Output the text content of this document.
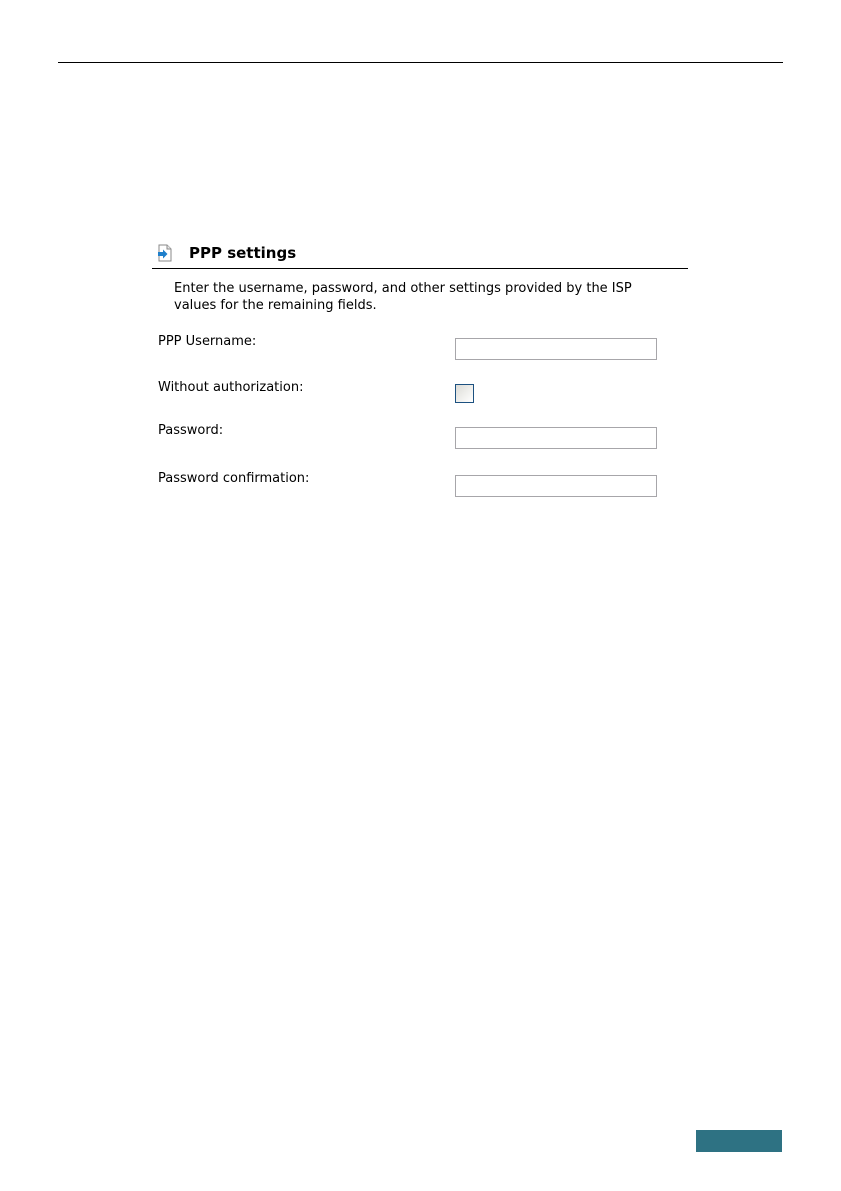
PPP settings
Enter the username, password, and other settings provided by the ISP
values for the remaining fields.
PPP Username:
Without authorization:
Password:
Password confirmation:
